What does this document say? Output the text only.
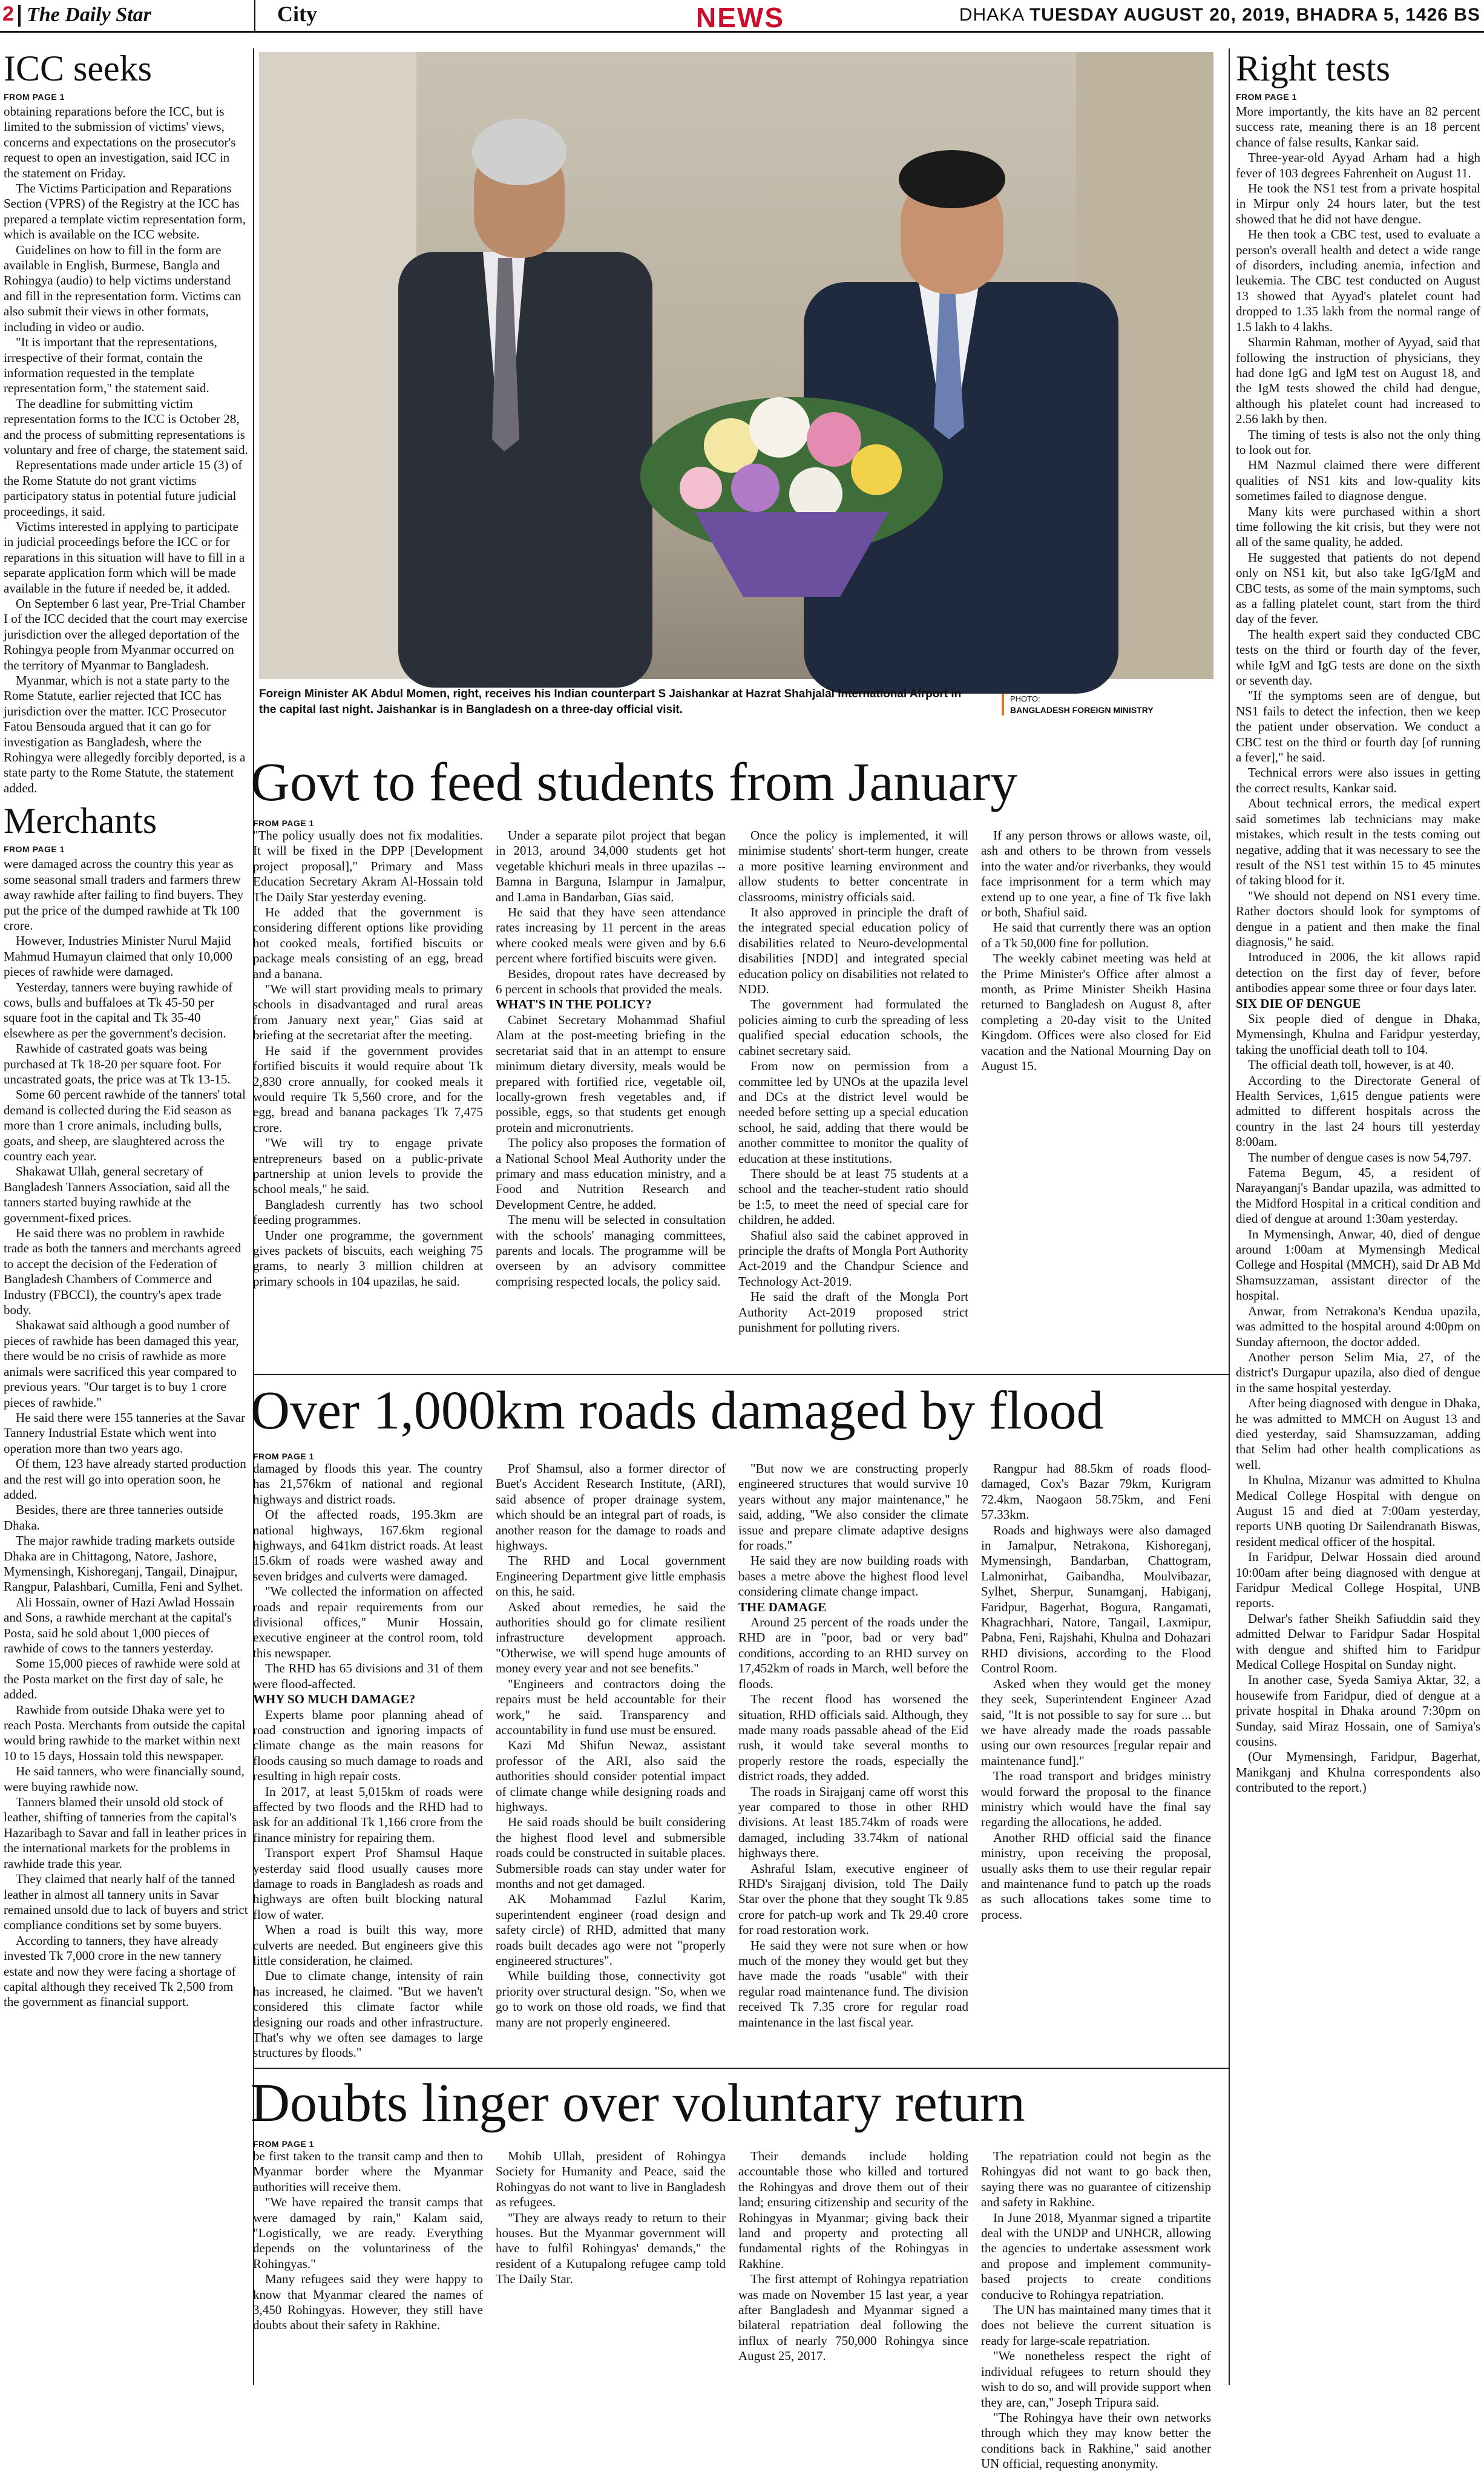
2 The Daily Star	City	NEWS	DHAKA TUESDAY AUGUST 20, 2019, BHADRA 5, 1426 BS
ICC seeks
FROM PAGE 1

obtaining reparations before the ICC, but is limited to the submission of victims' views, concerns and expectations on the prosecutor's request to open an investigation, said ICC in the statement on Friday.

The Victims Participation and Reparations Section (VPRS) of the Registry at the ICC has prepared a template victim representation form, which is available on the ICC website.

Guidelines on how to fill in the form are available in English, Burmese, Bangla and Rohingya (audio) to help victims understand and fill in the representation form. Victims can also submit their views in other formats, including in video or audio.

"It is important that the representations, irrespective of their format, contain the information requested in the template representation form," the statement said.

The deadline for submitting victim representation forms to the ICC is October 28, and the process of submitting representations is voluntary and free of charge, the statement said.

Representations made under article 15 (3) of the Rome Statute do not grant victims participatory status in potential future judicial proceedings, it said.

Victims interested in applying to participate in judicial proceedings before the ICC or for reparations in this situation will have to fill in a separate application form which will be made available in the future if needed be, it added.

On September 6 last year, Pre-Trial Chamber I of the ICC decided that the court may exercise jurisdiction over the alleged deportation of the Rohingya people from Myanmar occurred on the territory of Myanmar to Bangladesh.

Myanmar, which is not a state party to the Rome Statute, earlier rejected that ICC has jurisdiction over the matter. ICC Prosecutor Fatou Bensouda argued that it can go for investigation as Bangladesh, where the Rohingya were allegedly forcibly deported, is a state party to the Rome Statute, the statement added.

Merchants
FROM PAGE 1

were damaged across the country this year as some seasonal small traders and farmers threw away rawhide after failing to find buyers. They put the price of the dumped rawhide at Tk 100 crore.

However, Industries Minister Nurul Majid Mahmud Humayun claimed that only 10,000 pieces of rawhide were damaged.

Yesterday, tanners were buying rawhide of cows, bulls and buffaloes at Tk 45-50 per square foot in the capital and Tk 35-40 elsewhere as per the government's decision.

Rawhide of castrated goats was being purchased at Tk 18-20 per square foot. For uncastrated goats, the price was at Tk 13-15.

Some 60 percent rawhide of the tanners' total demand is collected during the Eid season as more than 1 crore animals, including bulls, goats, and sheep, are slaughtered across the country each year.

Shakawat Ullah, general secretary of Bangladesh Tanners Association, said all the tanners started buying rawhide at the government-fixed prices.

He said there was no problem in rawhide trade as both the tanners and merchants agreed to accept the decision of the Federation of Bangladesh Chambers of Commerce and Industry (FBCCI), the country's apex trade body.

Shakawat said although a good number of pieces of rawhide has been damaged this year, there would be no crisis of rawhide as more animals were sacrificed this year compared to previous years. "Our target is to buy 1 crore pieces of rawhide."

He said there were 155 tanneries at the Savar Tannery Industrial Estate which went into operation more than two years ago.

Of them, 123 have already started production and the rest will go into operation soon, he added.

Besides, there are three tanneries outside Dhaka.

The major rawhide trading markets outside Dhaka are in Chittagong, Natore, Jashore, Mymensingh, Kishoreganj, Tangail, Dinajpur, Rangpur, Palashbari, Cumilla, Feni and Sylhet.

Ali Hossain, owner of Hazi Awlad Hossain and Sons, a rawhide merchant at the capital's Posta, said he sold about 1,000 pieces of rawhide of cows to the tanners yesterday.

Some 15,000 pieces of rawhide were sold at the Posta market on the first day of sale, he added.

Rawhide from outside Dhaka were yet to reach Posta. Merchants from outside the capital would bring rawhide to the market within next 10 to 15 days, Hossain told this newspaper.

He said tanners, who were financially sound, were buying rawhide now.

Tanners blamed their unsold old stock of leather, shifting of tanneries from the capital's Hazaribagh to Savar and fall in leather prices in the international markets for the problems in rawhide trade this year.

They claimed that nearly half of the tanned leather in almost all tannery units in Savar remained unsold due to lack of buyers and strict compliance conditions set by some buyers.

According to tanners, they have already invested Tk 7,000 crore in the new tannery estate and now they were facing a shortage of capital although they received Tk 2,500 from the government as financial support.

Foreign Minister AK Abdul Momen, right, receives his Indian counterpart S Jaishankar at Hazrat Shahjalal International Airport in the capital last night. Jaishankar is in Bangladesh on a three-day official visit.
PHOTO:
BANGLADESH FOREIGN MINISTRY
Govt to feed students from January
FROM PAGE 1

"The policy usually does not fix modalities. It will be fixed in the DPP [Development project proposal]," Primary and Mass Education Secretary Akram Al-Hossain told The Daily Star yesterday evening.

He added that the government is considering different options like providing hot cooked meals, fortified biscuits or package meals consisting of an egg, bread and a banana.

"We will start providing meals to primary schools in disadvantaged and rural areas from January next year," Gias said at briefing at the secretariat after the meeting.

He said if the government provides fortified biscuits it would require about Tk 2,830 crore annually, for cooked meals it would require Tk 5,560 crore, and for the egg, bread and banana packages Tk 7,475 crore.

"We will try to engage private entrepreneurs based on a public-private partnership at union levels to provide the school meals," he said.

Bangladesh currently has two school feeding programmes.

Under one programme, the government gives packets of biscuits, each weighing 75 grams, to nearly 3 million children at primary schools in 104 upazilas, he said.

Under a separate pilot project that began in 2013, around 34,000 students get hot vegetable khichuri meals in three upazilas -- Bamna in Barguna, Islampur in Jamalpur, and Lama in Bandarban, Gias said.

He said that they have seen attendance rates increasing by 11 percent in the areas where cooked meals were given and by 6.6 percent where fortified biscuits were given.

Besides, dropout rates have decreased by 6 percent in schools that provided the meals.

WHAT'S IN THE POLICY?

Cabinet Secretary Mohammad Shafiul Alam at the post-meeting briefing in the secretariat said that in an attempt to ensure minimum dietary diversity, meals would be prepared with fortified rice, vegetable oil, locally-grown fresh vegetables and, if possible, eggs, so that students get enough protein and micronutrients.

The policy also proposes the formation of a National School Meal Authority under the primary and mass education ministry, and a Food and Nutrition Research and Development Centre, he added.

The menu will be selected in consultation with the schools' managing committees, parents and locals. The programme will be overseen by an advisory committee comprising respected locals, the policy said.

Once the policy is implemented, it will minimise students' short-term hunger, create a more positive learning environment and allow students to better concentrate in classrooms, ministry officials said.

It also approved in principle the draft of the integrated special education policy of disabilities related to Neuro-developmental disabilities [NDD] and integrated special education policy on disabilities not related to NDD.

The government had formulated the policies aiming to curb the spreading of less qualified special education schools, the cabinet secretary said.

From now on permission from a committee led by UNOs at the upazila level and DCs at the district level would be needed before setting up a special education school, he said, adding that there would be another committee to monitor the quality of education at these institutions.

There should be at least 75 students at a school and the teacher-student ratio should be 1:5, to meet the need of special care for children, he added.

Shafiul also said the cabinet approved in principle the drafts of Mongla Port Authority Act-2019 and the Chandpur Science and Technology Act-2019.

He said the draft of the Mongla Port Authority Act-2019 proposed strict punishment for polluting rivers.

If any person throws or allows waste, oil, ash and others to be thrown from vessels into the water and/or riverbanks, they would face imprisonment for a term which may extend up to one year, a fine of Tk five lakh or both, Shafiul said.

He said that currently there was an option of a Tk 50,000 fine for pollution.

The weekly cabinet meeting was held at the Prime Minister's Office after almost a month, as Prime Minister Sheikh Hasina returned to Bangladesh on August 8, after completing a 20-day visit to the United Kingdom. Offices were also closed for Eid vacation and the National Mourning Day on August 15.

Over 1,000km roads damaged by flood
FROM PAGE 1

damaged by floods this year. The country has 21,576km of national and regional highways and district roads.

Of the affected roads, 195.3km are national highways, 167.6km regional highways, and 641km district roads. At least 15.6km of roads were washed away and seven bridges and culverts were damaged.

"We collected the information on affected roads and repair requirements from our divisional offices," Munir Hossain, executive engineer at the control room, told this newspaper.

The RHD has 65 divisions and 31 of them were flood-affected.

WHY SO MUCH DAMAGE?

Experts blame poor planning ahead of road construction and ignoring impacts of climate change as the main reasons for floods causing so much damage to roads and resulting in high repair costs.

In 2017, at least 5,015km of roads were affected by two floods and the RHD had to ask for an additional Tk 1,166 crore from the finance ministry for repairing them.

Transport expert Prof Shamsul Haque yesterday said flood usually causes more damage to roads in Bangladesh as roads and highways are often built blocking natural flow of water.

When a road is built this way, more culverts are needed. But engineers give this little consideration, he claimed.

Due to climate change, intensity of rain has increased, he claimed. "But we haven't considered this climate factor while designing our roads and other infrastructure. That's why we often see damages to large structures by floods."

Prof Shamsul, also a former director of Buet's Accident Research Institute, (ARI), said absence of proper drainage system, which should be an integral part of roads, is another reason for the damage to roads and highways.

The RHD and Local government Engineering Department give little emphasis on this, he said.

Asked about remedies, he said the authorities should go for climate resilient infrastructure development approach. "Otherwise, we will spend huge amounts of money every year and not see benefits."

"Engineers and contractors doing the repairs must be held accountable for their work," he said. Transparency and accountability in fund use must be ensured.

Kazi Md Shifun Newaz, assistant professor of the ARI, also said the authorities should consider potential impact of climate change while designing roads and highways.

He said roads should be built considering the highest flood level and submersible roads could be constructed in suitable places. Submersible roads can stay under water for months and not get damaged.

AK Mohammad Fazlul Karim, superintendent engineer (road design and safety circle) of RHD, admitted that many roads built decades ago were not "properly engineered structures".

While building those, connectivity got priority over structural design. "So, when we go to work on those old roads, we find that many are not properly engineered.

"But now we are constructing properly engineered structures that would survive 10 years without any major maintenance," he said, adding, "We also consider the climate issue and prepare climate adaptive designs for roads."

He said they are now building roads with bases a metre above the highest flood level considering climate change impact.

THE DAMAGE

Around 25 percent of the roads under the RHD are in "poor, bad or very bad" conditions, according to an RHD survey on 17,452km of roads in March, well before the floods.

The recent flood has worsened the situation, RHD officials said. Although, they made many roads passable ahead of the Eid rush, it would take several months to properly restore the roads, especially the district roads, they added.

The roads in Sirajganj came off worst this year compared to those in other RHD divisions. At least 185.74km of roads were damaged, including 33.74km of national highways there.

Ashraful Islam, executive engineer of RHD's Sirajganj division, told The Daily Star over the phone that they sought Tk 9.85 crore for patch-up work and Tk 29.40 crore for road restoration work.

He said they were not sure when or how much of the money they would get but they have made the roads "usable" with their regular road maintenance fund. The division received Tk 7.35 crore for regular road maintenance in the last fiscal year.

Rangpur had 88.5km of roads flood-damaged, Cox's Bazar 79km, Kurigram 72.4km, Naogaon 58.75km, and Feni 57.33km.

Roads and highways were also damaged in Jamalpur, Netrakona, Kishoreganj, Mymensingh, Bandarban, Chattogram, Lalmonirhat, Gaibandha, Moulvibazar, Sylhet, Sherpur, Sunamganj, Habiganj, Faridpur, Bagerhat, Bogura, Rangamati, Khagrachhari, Natore, Tangail, Laxmipur, Pabna, Feni, Rajshahi, Khulna and Dohazari RHD divisions, according to the Flood Control Room.

Asked when they would get the money they seek, Superintendent Engineer Azad said, "It is not possible to say for sure ... but we have already made the roads passable using our own resources [regular repair and maintenance fund]."

The road transport and bridges ministry would forward the proposal to the finance ministry which would have the final say regarding the allocations, he added.

Another RHD official said the finance ministry, upon receiving the proposal, usually asks them to use their regular repair and maintenance fund to patch up the roads as such allocations takes some time to process.

Doubts linger over voluntary return
FROM PAGE 1

be first taken to the transit camp and then to Myanmar border where the Myanmar authorities will receive them.

"We have repaired the transit camps that were damaged by rain," Kalam said, "Logistically, we are ready. Everything depends on the voluntariness of the Rohingyas."

Many refugees said they were happy to know that Myanmar cleared the names of 3,450 Rohingyas. However, they still have doubts about their safety in Rakhine.

Mohib Ullah, president of Rohingya Society for Humanity and Peace, said the Rohingyas do not want to live in Bangladesh as refugees.

"They are always ready to return to their houses. But the Myanmar government will have to fulfil Rohingyas' demands," the resident of a Kutupalong refugee camp told The Daily Star.

Their demands include holding accountable those who killed and tortured the Rohingyas and drove them out of their land; ensuring citizenship and security of the Rohingyas in Myanmar; giving back their land and property and protecting all fundamental rights of the Rohingyas in Rakhine.

The first attempt of Rohingya repatriation was made on November 15 last year, a year after Bangladesh and Myanmar signed a bilateral repatriation deal following the influx of nearly 750,000 Rohingya since August 25, 2017.

The repatriation could not begin as the Rohingyas did not want to go back then, saying there was no guarantee of citizenship and safety in Rakhine.

In June 2018, Myanmar signed a tripartite deal with the UNDP and UNHCR, allowing the agencies to undertake assessment work and propose and implement community-based projects to create conditions conducive to Rohingya repatriation.

The UN has maintained many times that it does not believe the current situation is ready for large-scale repatriation.

"We nonetheless respect the right of individual refugees to return should they wish to do so, and will provide support when they are, can," Joseph Tripura said.

"The Rohingya have their own networks through which they may know better the conditions back in Rakhine," said another UN official, requesting anonymity.

Right tests
FROM PAGE 1

More importantly, the kits have an 82 percent success rate, meaning there is an 18 percent chance of false results, Kankar said.

Three-year-old Ayyad Arham had a high fever of 103 degrees Fahrenheit on August 11.

He took the NS1 test from a private hospital in Mirpur only 24 hours later, but the test showed that he did not have dengue.

He then took a CBC test, used to evaluate a person's overall health and detect a wide range of disorders, including anemia, infection and leukemia. The CBC test conducted on August 13 showed that Ayyad's platelet count had dropped to 1.35 lakh from the normal range of 1.5 lakh to 4 lakhs.

Sharmin Rahman, mother of Ayyad, said that following the instruction of physicians, they had done IgG and IgM test on August 18, and the IgM tests showed the child had dengue, although his platelet count had increased to 2.56 lakh by then.

The timing of tests is also not the only thing to look out for.

HM Nazmul claimed there were different qualities of NS1 kits and low-quality kits sometimes failed to diagnose dengue.

Many kits were purchased within a short time following the kit crisis, but they were not all of the same quality, he added.

He suggested that patients do not depend only on NS1 kit, but also take IgG/IgM and CBC tests, as some of the main symptoms, such as a falling platelet count, start from the third day of the fever.

The health expert said they conducted CBC tests on the third or fourth day of the fever, while IgM and IgG tests are done on the sixth or seventh day.

"If the symptoms seen are of dengue, but NS1 fails to detect the infection, then we keep the patient under observation. We conduct a CBC test on the third or fourth day [of running a fever]," he said.

Technical errors were also issues in getting the correct results, Kankar said.

About technical errors, the medical expert said sometimes lab technicians may make mistakes, which result in the tests coming out negative, adding that it was necessary to see the result of the NS1 test within 15 to 45 minutes of taking blood for it.

"We should not depend on NS1 every time. Rather doctors should look for symptoms of dengue in a patient and then make the final diagnosis," he said.

Introduced in 2006, the kit allows rapid detection on the first day of fever, before antibodies appear some three or four days later.

SIX DIE OF DENGUE

Six people died of dengue in Dhaka, Mymensingh, Khulna and Faridpur yesterday, taking the unofficial death toll to 104.

The official death toll, however, is at 40.

According to the Directorate General of Health Services, 1,615 dengue patients were admitted to different hospitals across the country in the last 24 hours till yesterday 8:00am.

The number of dengue cases is now 54,797.

Fatema Begum, 45, a resident of Narayanganj's Bandar upazila, was admitted to the Midford Hospital in a critical condition and died of dengue at around 1:30am yesterday.

In Mymensingh, Anwar, 40, died of dengue around 1:00am at Mymensingh Medical College and Hospital (MMCH), said Dr AB Md Shamsuzzaman, assistant director of the hospital.

Anwar, from Netrakona's Kendua upazila, was admitted to the hospital around 4:00pm on Sunday afternoon, the doctor added.

Another person Selim Mia, 27, of the district's Durgapur upazila, also died of dengue in the same hospital yesterday.

After being diagnosed with dengue in Dhaka, he was admitted to MMCH on August 13 and died yesterday, said Shamsuzzaman, adding that Selim had other health complications as well.

In Khulna, Mizanur was admitted to Khulna Medical College Hospital with dengue on August 15 and died at 7:00am yesterday, reports UNB quoting Dr Sailendranath Biswas, resident medical officer of the hospital.

In Faridpur, Delwar Hossain died around 10:00am after being diagnosed with dengue at Faridpur Medical College Hospital, UNB reports.

Delwar's father Sheikh Safiuddin said they admitted Delwar to Faridpur Sadar Hospital with dengue and shifted him to Faridpur Medical College Hospital on Sunday night.

In another case, Syeda Samiya Aktar, 32, a housewife from Faridpur, died of dengue at a private hospital in Dhaka around 7:30pm on Sunday, said Miraz Hossain, one of Samiya's cousins.

(Our Mymensingh, Faridpur, Bagerhat, Manikganj and Khulna correspondents also contributed to the report.)
